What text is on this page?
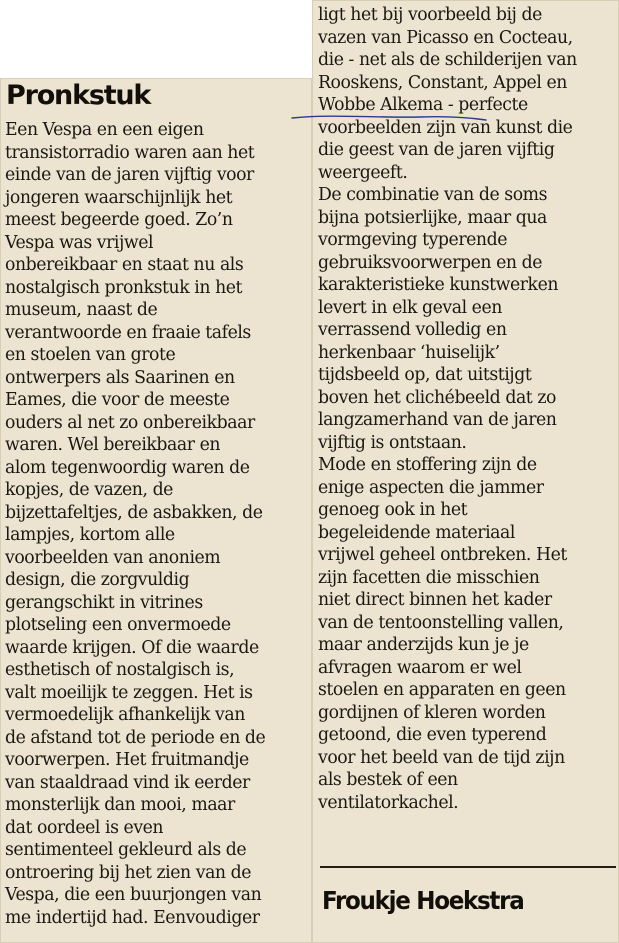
Pronkstuk
Een Vespa en een eigen
transistorradio waren aan het
einde van de jaren vijftig voor
jongeren waarschijnlijk het
meest begeerde goed. Zo’n
Vespa was vrijwel
onbereikbaar en staat nu als
nostalgisch pronkstuk in het
museum, naast de
verantwoorde en fraaie tafels
en stoelen van grote
ontwerpers als Saarinen en
Eames, die voor de meeste
ouders al net zo onbereikbaar
waren. Wel bereikbaar en
alom tegenwoordig waren de
kopjes, de vazen, de
bijzettafeltjes, de asbakken, de
lampjes, kortom alle
voorbeelden van anoniem
design, die zorgvuldig
gerangschikt in vitrines
plotseling een onvermoede
waarde krijgen. Of die waarde
esthetisch of nostalgisch is,
valt moeilijk te zeggen. Het is
vermoedelijk afhankelijk van
de afstand tot de periode en de
voorwerpen. Het fruitmandje
van staaldraad vind ik eerder
monsterlijk dan mooi, maar
dat oordeel is even
sentimenteel gekleurd als de
ontroering bij het zien van de
Vespa, die een buurjongen van
me indertijd had. Eenvoudiger
ligt het bij voorbeeld bij de
vazen van Picasso en Cocteau,
die - net als de schilderijen van
Rooskens, Constant, Appel en
Wobbe Alkema - perfecte
voorbeelden zijn van kunst die
die geest van de jaren vijftig
weergeeft.
De combinatie van de soms
bijna potsierlijke, maar qua
vormgeving typerende
gebruiksvoorwerpen en de
karakteristieke kunstwerken
levert in elk geval een
verrassend volledig en
herkenbaar ‘huiselijk’
tijdsbeeld op, dat uitstijgt
boven het clichébeeld dat zo
langzamerhand van de jaren
vijftig is ontstaan.
Mode en stoffering zijn de
enige aspecten die jammer
genoeg ook in het
begeleidende materiaal
vrijwel geheel ontbreken. Het
zijn facetten die misschien
niet direct binnen het kader
van de tentoonstelling vallen,
maar anderzijds kun je je
afvragen waarom er wel
stoelen en apparaten en geen
gordijnen of kleren worden
getoond, die even typerend
voor het beeld van de tijd zijn
als bestek of een
ventilatorkachel.
Froukje Hoekstra
